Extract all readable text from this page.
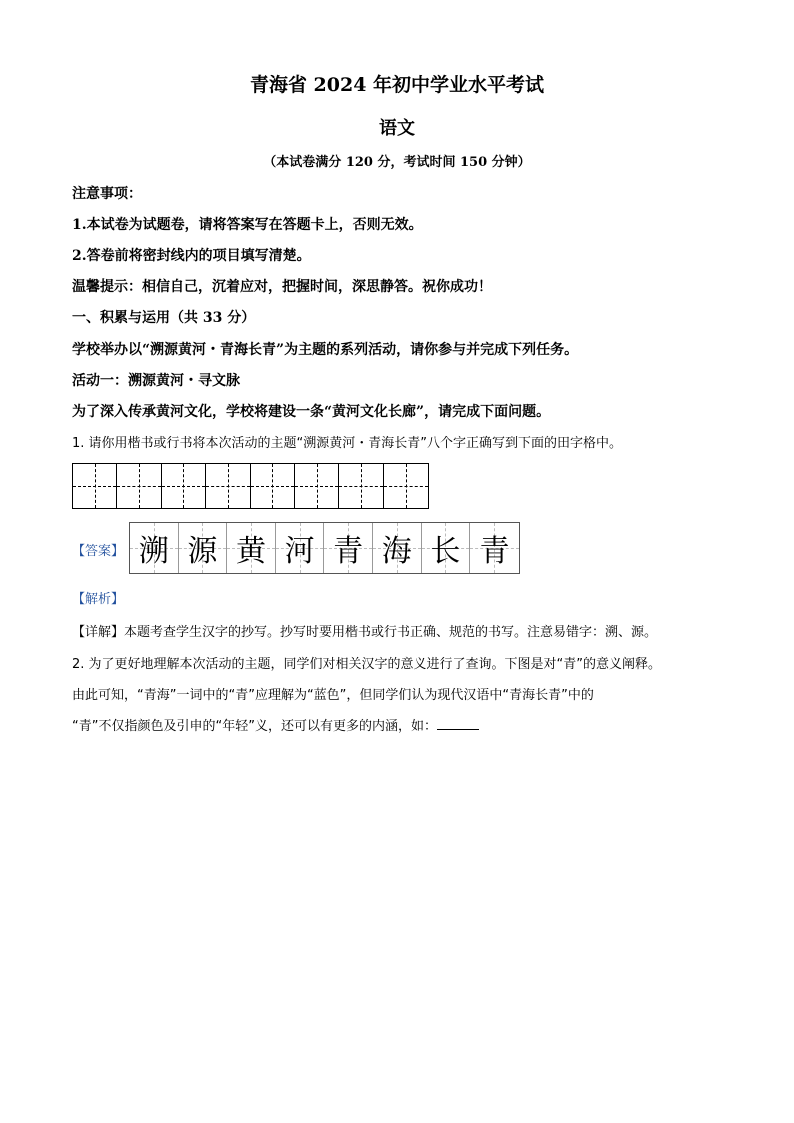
青海省 2024 年初中学业水平考试
语文
（本试卷满分 120 分，考试时间 150 分钟）
注意事项：
1.本试卷为试题卷，请将答案写在答题卡上，否则无效。
2.答卷前将密封线内的项目填写清楚。
温馨提示：相信自己，沉着应对，把握时间，深思静答。祝你成功！
一、积累与运用（共 33 分）
学校举办以“溯源黄河・青海长青”为主题的系列活动，请你参与并完成下列任务。
活动一：溯源黄河・寻文脉
为了深入传承黄河文化，学校将建设一条“黄河文化长廊”，请完成下面问题。
1. 请你用楷书或行书将本次活动的主题“溯源黄河・青海长青”八个字正确写到下面的田字格中。
【答案】 溯 源 黄 河 青 海 长 青
【解析】
【详解】本题考查学生汉字的抄写。抄写时要用楷书或行书正确、规范的书写。注意易错字：溯、源。
2. 为了更好地理解本次活动的主题，同学们对相关汉字的意义进行了查询。下图是对“青”的意义阐释。
由此可知，“青海”一词中的“青”应理解为“蓝色”，但同学们认为现代汉语中“青海长青”中的
“青”不仅指颜色及引申的“年轻”义，还可以有更多的内涵，如：
